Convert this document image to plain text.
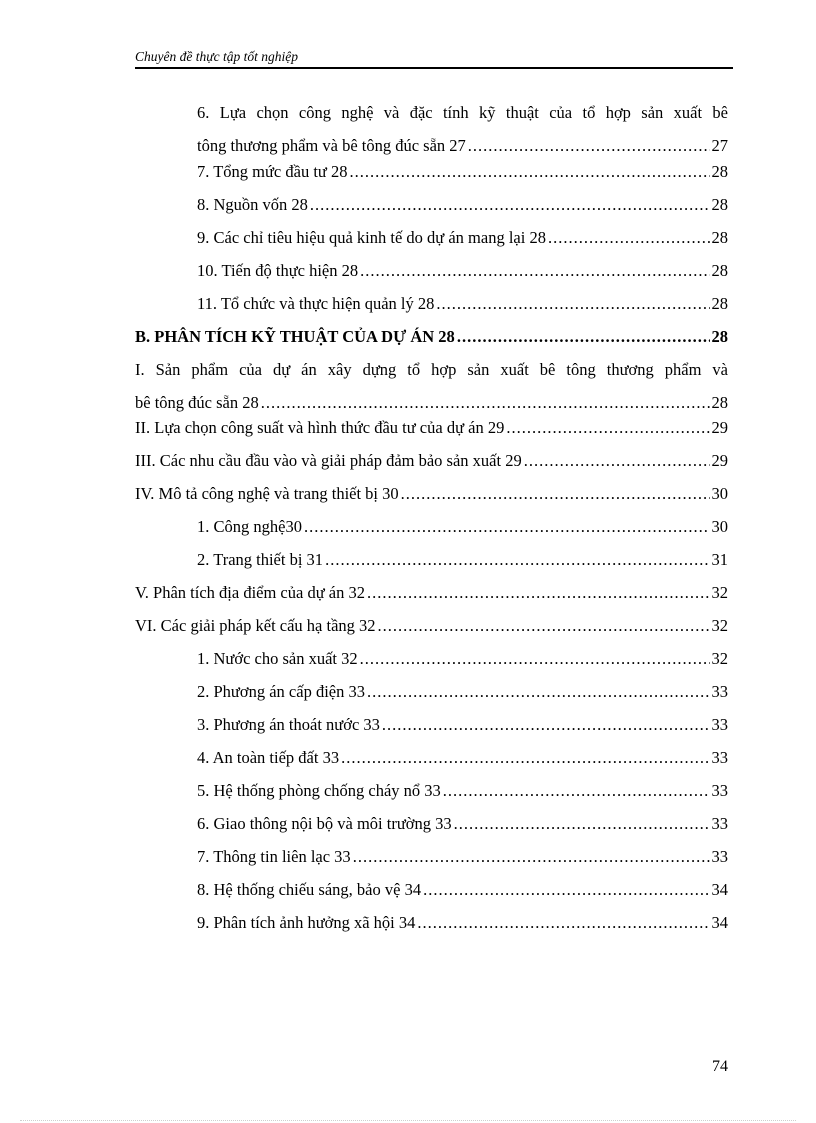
Chuyên đề thực tập tốt nghiệp
6. Lựa chọn công nghệ và đặc tính kỹ thuật của tổ hợp sản xuất bê
tông thương phẩm và bê tông đúc sẵn 27 .....	27
7. Tổng mức đầu tư 28 .....	28
8. Nguồn vốn 28 .....	28
9. Các chỉ tiêu hiệu quả kinh tế do dự án mang lại 28 .....	28
10. Tiến độ thực hiện 28 .....	28
11. Tổ chức và thực hiện quản lý 28 .....	28
B. PHÂN TÍCH KỸ THUẬT CỦA DỰ ÁN 28 .....	28
I. Sản phẩm của dự án xây dựng tổ hợp sản xuất bê tông thương phẩm và
bê tông đúc sẵn 28 .....	28
II. Lựa chọn công suất và hình thức đầu tư của dự án 29 .....	29
III. Các nhu cầu đầu vào và giải pháp đảm bảo sản xuất 29 .....	29
IV. Mô tả công nghệ và trang thiết bị 30 .....	30
1. Công nghệ30 .....	30
2. Trang thiết bị 31 .....	31
V. Phân tích địa điểm của dự án 32 .....	32
VI. Các giải pháp kết cấu hạ tầng 32 .....	32
1. Nước cho sản xuất 32 .....	32
2. Phương án cấp điện 33 .....	33
3. Phương án thoát nước 33 .....	33
4. An toàn tiếp đất 33 .....	33
5. Hệ thống phòng chống cháy nổ 33 .....	33
6. Giao thông nội bộ và môi trường 33 .....	33
7. Thông tin liên lạc 33 .....	33
8. Hệ thống chiếu sáng, bảo vệ 34 .....	34
9. Phân tích ảnh hưởng xã hội 34 .....	34
74
